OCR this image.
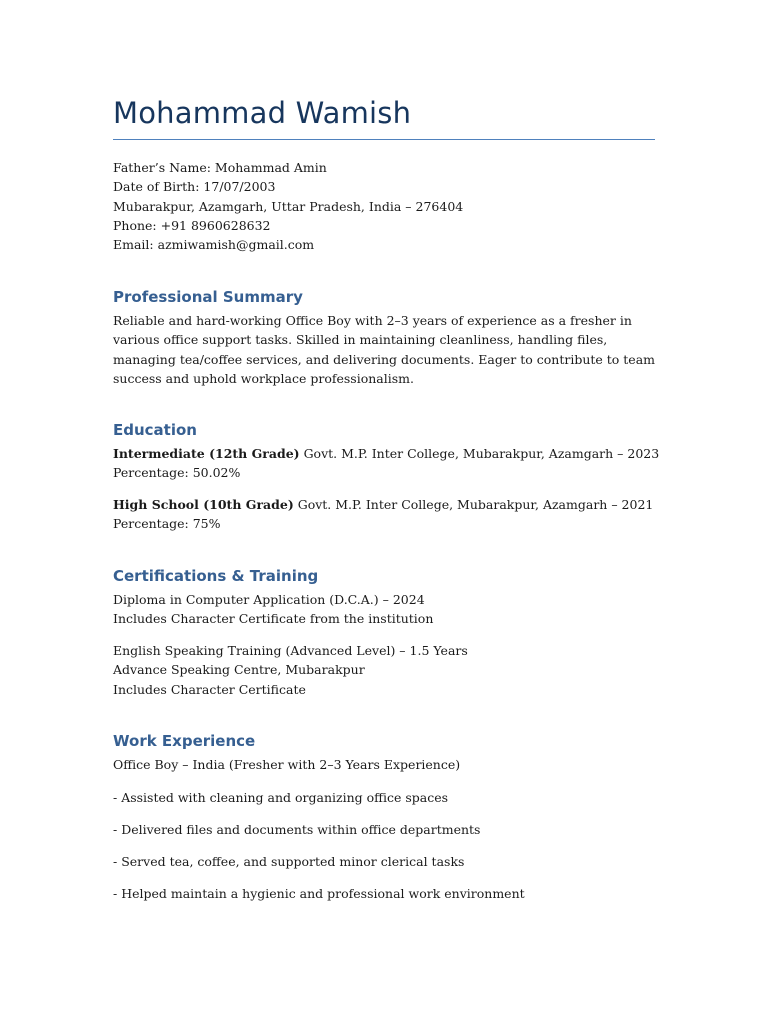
Mohammad Wamish
Father’s Name: Mohammad Amin
Date of Birth: 17/07/2003
Mubarakpur, Azamgarh, Uttar Pradesh, India – 276404
Phone: +91 8960628632
Email: azmiwamish@gmail.com
Professional Summary
Reliable and hard-working Office Boy with 2–3 years of experience as a fresher in various office support tasks. Skilled in maintaining cleanliness, handling files, managing tea/coffee services, and delivering documents. Eager to contribute to team success and uphold workplace professionalism.
Education
Intermediate (12th Grade) Govt. M.P. Inter College, Mubarakpur, Azamgarh – 2023
Percentage: 50.02%
High School (10th Grade) Govt. M.P. Inter College, Mubarakpur, Azamgarh – 2021
Percentage: 75%
Certifications & Training
Diploma in Computer Application (D.C.A.) – 2024
Includes Character Certificate from the institution
English Speaking Training (Advanced Level) – 1.5 Years
Advance Speaking Centre, Mubarakpur
Includes Character Certificate
Work Experience
Office Boy – India (Fresher with 2–3 Years Experience)
- Assisted with cleaning and organizing office spaces
- Delivered files and documents within office departments
- Served tea, coffee, and supported minor clerical tasks
- Helped maintain a hygienic and professional work environment
